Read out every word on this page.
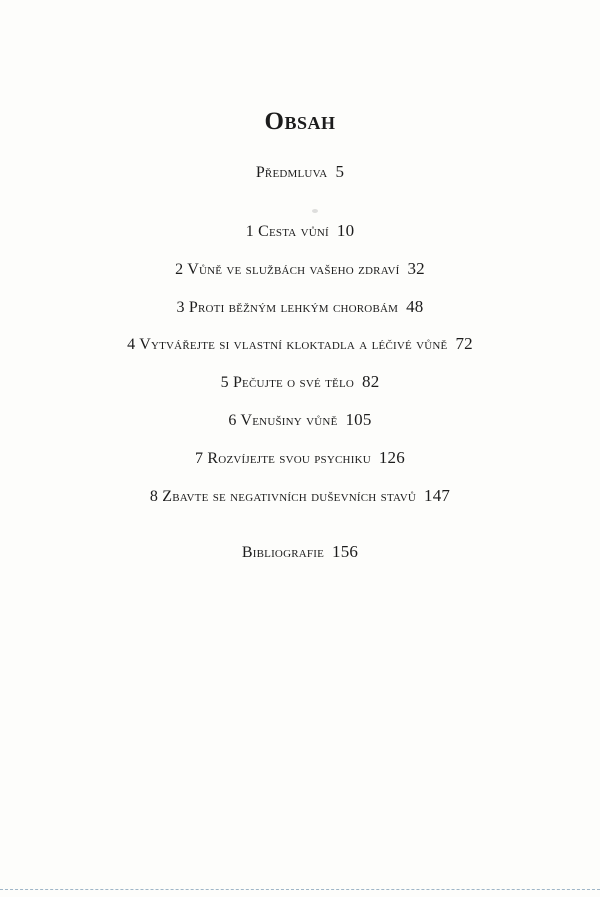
Obsah
Předmluva 5
1 Cesta vůní 10
2 Vůně ve službách vašeho zdraví 32
3 Proti běžným lehkým chorobám 48
4 Vytvářejte si vlastní kloktadla a léčivé vůně 72
5 Pečujte o své tělo 82
6 Venušiny vůně 105
7 Rozvíjejte svou psychiku 126
8 Zbavte se negativních duševních stavů 147
Bibliografie 156
